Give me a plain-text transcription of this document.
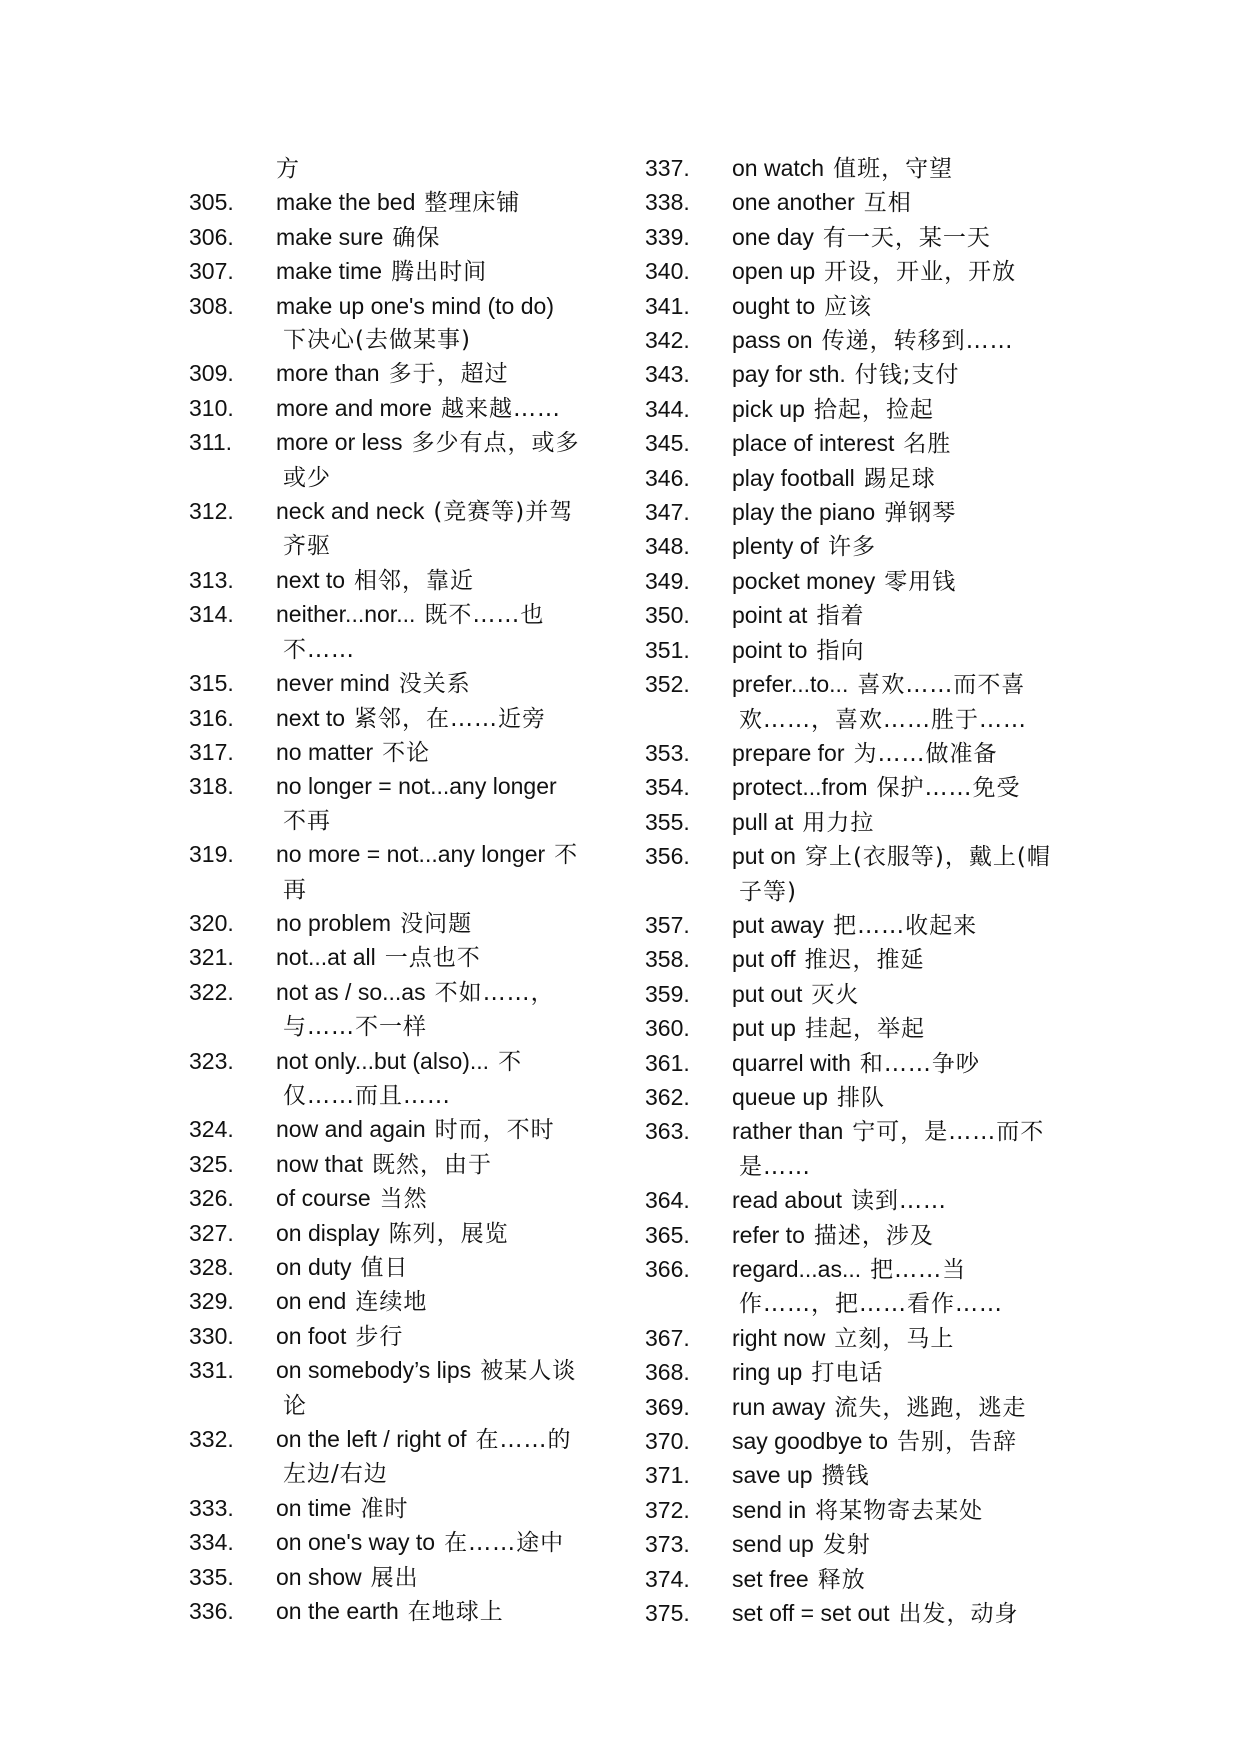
方
305.	make the bed 整理床铺
306.	make sure 确保
307.	make time 腾出时间
308.	make up one's mind (to do)
下决心(去做某事)
309.	more than 多于，超过
310.	more and more 越来越……
311.	more or less 多少有点，或多
或少
312.	neck and neck (竞赛等)并驾
齐驱
313.	next to 相邻，靠近
314.	neither...nor... 既不……也
不……
315.	never mind 没关系
316.	next to 紧邻，在……近旁
317.	no matter 不论
318.	no longer = not...any longer
不再
319.	no more = not...any longer 不
再
320.	no problem 没问题
321.	not...at all 一点也不
322.	not as / so...as 不如……，
与……不一样
323.	not only...but (also)... 不
仅……而且……
324.	now and again 时而，不时
325.	now that 既然，由于
326.	of course 当然
327.	on display 陈列，展览
328.	on duty 值日
329.	on end 连续地
330.	on foot 步行
331.	on somebody’s lips 被某人谈
论
332.	on the left / right of 在……的
左边/右边
333.	on time 准时
334.	on one's way to 在……途中
335.	on show 展出
336.	on the earth 在地球上
337.	on watch 值班，守望
338.	one another 互相
339.	one day 有一天，某一天
340.	open up 开设，开业，开放
341.	ought to 应该
342.	pass on 传递，转移到……
343.	pay for sth. 付钱;支付
344.	pick up 拾起，捡起
345.	place of interest 名胜
346.	play football 踢足球
347.	play the piano 弹钢琴
348.	plenty of 许多
349.	pocket money 零用钱
350.	point at 指着
351.	point to 指向
352.	prefer...to... 喜欢……而不喜
欢……，喜欢……胜于……
353.	prepare for 为……做准备
354.	protect...from 保护……免受
355.	pull at 用力拉
356.	put on 穿上(衣服等)，戴上(帽
子等)
357.	put away 把……收起来
358.	put off 推迟，推延
359.	put out 灭火
360.	put up 挂起，举起
361.	quarrel with 和……争吵
362.	queue up 排队
363.	rather than 宁可，是……而不
是……
364.	read about 读到……
365.	refer to 描述，涉及
366.	regard...as... 把……当
作……，把……看作……
367.	right now 立刻，马上
368.	ring up 打电话
369.	run away 流失，逃跑，逃走
370.	say goodbye to 告别，告辞
371.	save up 攒钱
372.	send in 将某物寄去某处
373.	send up 发射
374.	set free 释放
375.	set off = set out 出发，动身
